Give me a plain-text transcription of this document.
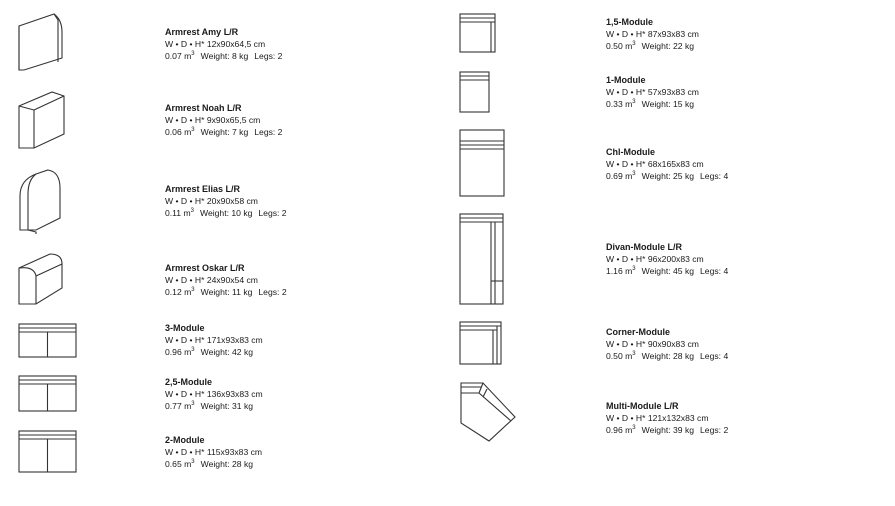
Armrest Amy L/R
W • D • H* 12x90x64,5 cm
0.07 $m^3$ Weight: 8 kg Legs: 2
Armrest Noah L/R
W • D • H* 9x90x65,5 cm
0.06 $m^3$ Weight: 7 kg Legs: 2
Armrest Elias L/R
W • D • H* 20x90x58 cm
0.11 $m^3$ Weight: 10 kg Legs: 2
Armrest Oskar L/R
W • D • H* 24x90x54 cm
0.12 $m^3$ Weight: 11 kg Legs: 2
3-Module
W • D • H* 171x93x83 cm
0.96 $m^3$ Weight: 42 kg
2,5-Module
W • D • H* 136x93x83 cm
0.77 $m^3$ Weight: 31 kg
2-Module
W • D • H* 115x93x83 cm
0.65 $m^3$ Weight: 28 kg
1,5-Module
W • D • H* 87x93x83 cm
0.50 $m^3$ Weight: 22 kg
1-Module
W • D • H* 57x93x83 cm
0.33 $m^3$ Weight: 15 kg
Chl-Module
W • D • H* 68x165x83 cm
0.69 $m^3$ Weight: 25 kg Legs: 4
Divan-Module L/R
W • D • H* 96x200x83 cm
1.16 $m^3$ Weight: 45 kg Legs: 4
Corner-Module
W • D • H* 90x90x83 cm
0.50 $m^3$ Weight: 28 kg Legs: 4
Multi-Module L/R
W • D • H* 121x132x83 cm
0.96 $m^3$ Weight: 39 kg Legs: 2
